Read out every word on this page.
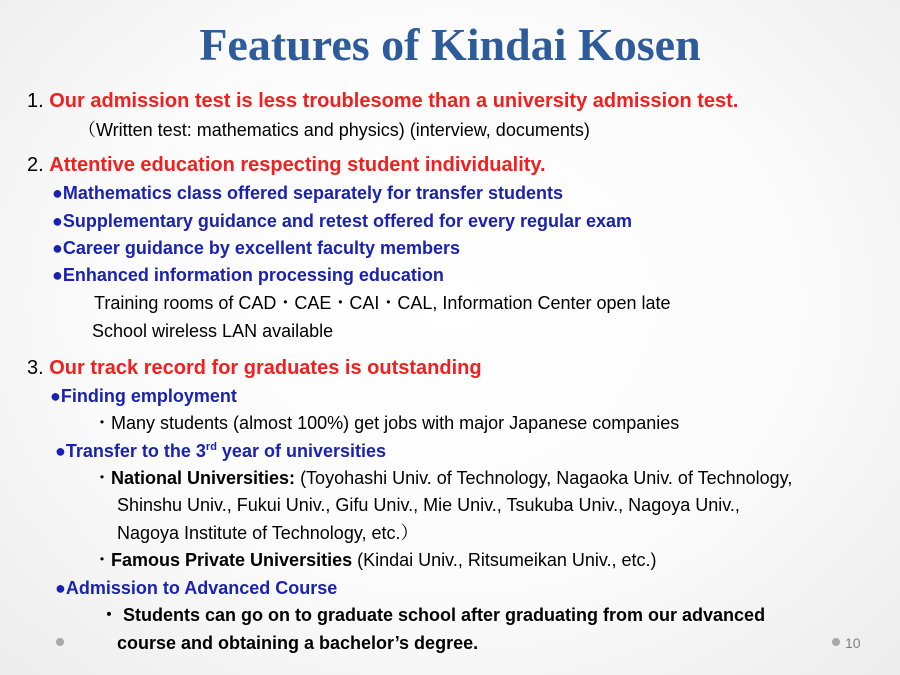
Features of Kindai Kosen
1. Our admission test is less troublesome than a university admission test.
（Written test: mathematics and physics) (interview, documents)
2. Attentive education respecting student individuality.
●Mathematics class offered separately for transfer students
●Supplementary guidance and retest offered for every regular exam
●Career guidance by excellent faculty members
●Enhanced information processing education
Training rooms of CAD・CAE・CAI・CAL, Information Center open late
School wireless LAN available
3. Our track record for graduates is outstanding
●Finding employment
・Many students (almost 100%) get jobs with major Japanese companies
●Transfer to the 3rd year of universities
・National Universities: (Toyohashi Univ. of Technology, Nagaoka Univ. of Technology,
Shinshu Univ., Fukui Univ., Gifu Univ., Mie Univ., Tsukuba Univ., Nagoya Univ.,
Nagoya Institute of Technology, etc.）
・Famous Private Universities (Kindai Univ., Ritsumeikan Univ., etc.)
●Admission to Advanced Course
・ Students can go on to graduate school after graduating from our advanced
course and obtaining a bachelor’s degree.	10
